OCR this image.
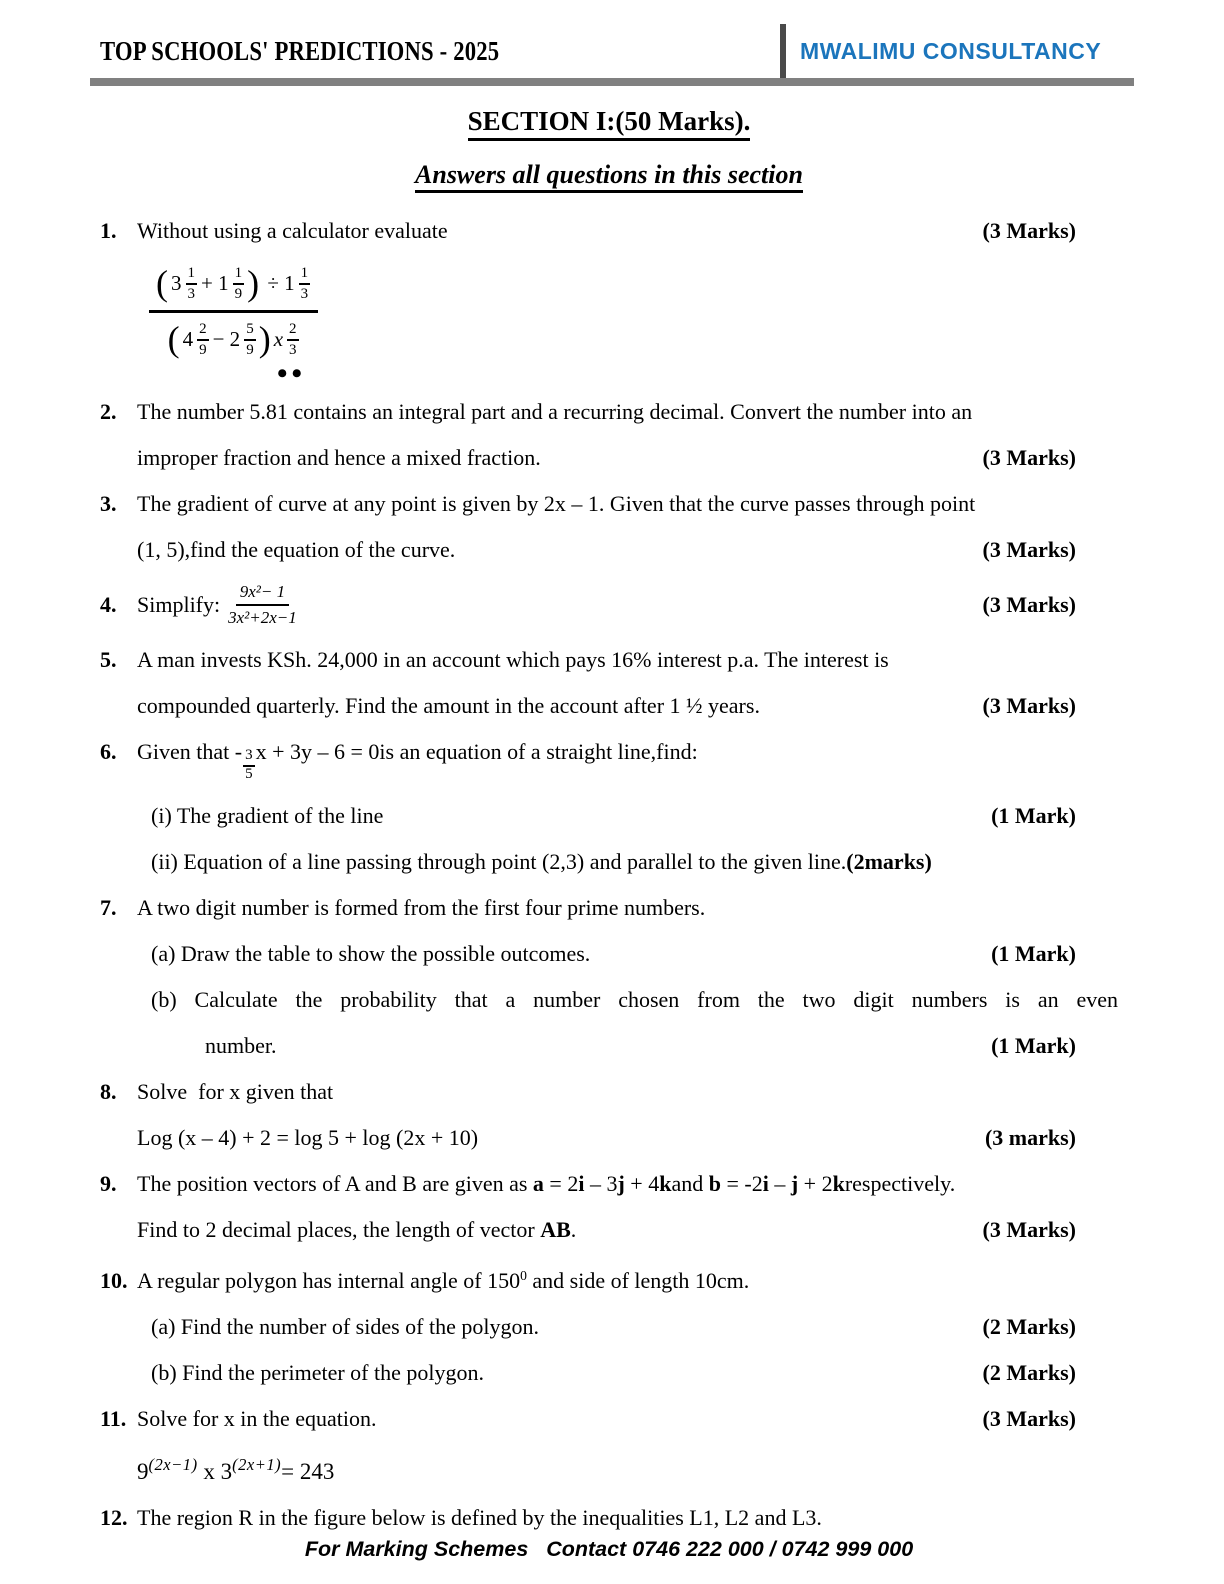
TOP SCHOOLS' PREDICTIONS - 2025	MWALIMU CONSULTANCY
SECTION I:(50 Marks).
Answers all questions in this section
1. Without using a calculator evaluate	(3 Marks)
( $3 \frac{1}{3} + 1 \frac{1}{9}$ ) ÷ $1 \frac{1}{3}$
( $4 \frac{2}{9} - 2 \frac{5}{9}$ ) x $\frac{2}{3}$
••
2. The number 5.81 contains an integral part and a recurring decimal. Convert the number into an
improper fraction and hence a mixed fraction.	(3 Marks)
3. The gradient of curve at any point is given by 2x – 1. Given that the curve passes through point
(1, 5),find the equation of the curve.	(3 Marks)
4. Simplify: $\frac{\text{9x²− 1}}{\text{3x²+2x−1}}$	(3 Marks)
5. A man invests KSh. 24,000 in an account which pays 16% interest p.a. The interest is
compounded quarterly. Find the amount in the account after 1 ½ years.	(3 Marks)
6. Given that - $\frac{3}{5}$ x + 3y – 6 = 0is an equation of a straight line,find:
(i) The gradient of the line	(1 Mark)
(ii) Equation of a line passing through point (2,3) and parallel to the given line.(2marks)
7. A two digit number is formed from the first four prime numbers.
(a) Draw the table to show the possible outcomes.	(1 Mark)
(b) Calculate the probability that a number chosen from the two digit numbers is an even
number.	(1 Mark)
8. Solve  for x given that
Log (x – 4) + 2 = log 5 + log (2x + 10)	(3 marks)
9. The position vectors of A and B are given as a = 2i – 3j + 4kand b = -2i – j + 2krespectively.
Find to 2 decimal places, the length of vector AB.	(3 Marks)
10. A regular polygon has internal angle of $150^0$ and side of length 10cm.
(a) Find the number of sides of the polygon.	(2 Marks)
(b) Find the perimeter of the polygon.	(2 Marks)
11. Solve for x in the equation.	(3 Marks)
$9^{(2x-1)}$ x $3^{(2x+1)}= 243$
12. The region R in the figure below is defined by the inequalities L1, L2 and L3.
For Marking Schemes   Contact 0746 222 000 / 0742 999 000
